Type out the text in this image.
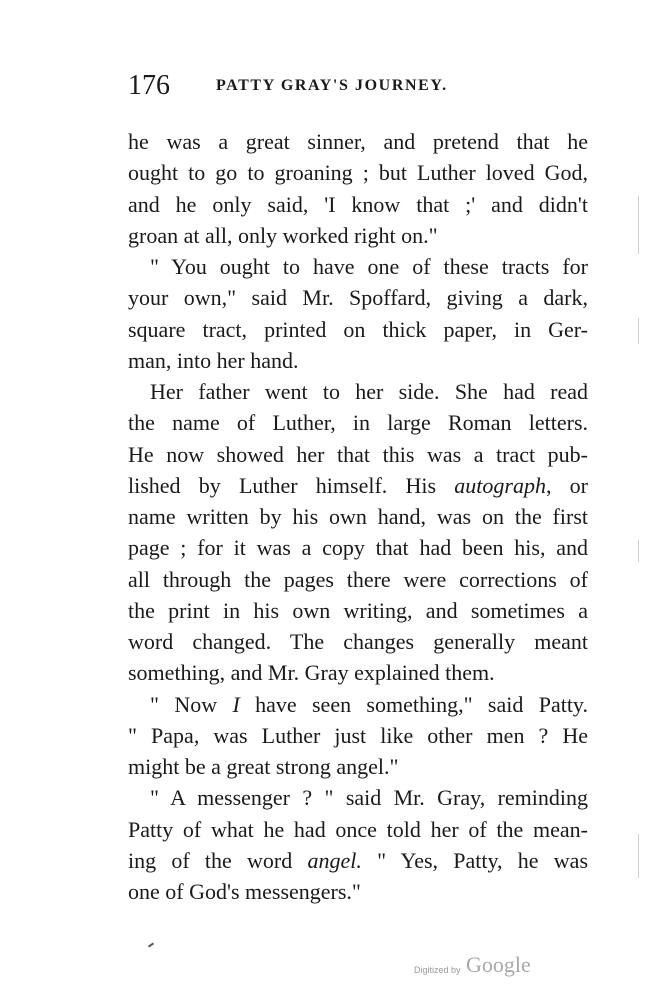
176	PATTY GRAY'S JOURNEY.
he was a great sinner, and pretend that he
ought to go to groaning ; but Luther loved God,
and he only said, 'I know that ;' and didn't
groan at all, only worked right on."
" You ought to have one of these tracts for
your own," said Mr. Spoffard, giving a dark,
square tract, printed on thick paper, in Ger-
man, into her hand.
Her father went to her side. She had read
the name of Luther, in large Roman letters.
He now showed her that this was a tract pub-
lished by Luther himself. His autograph, or
name written by his own hand, was on the first
page ; for it was a copy that had been his, and
all through the pages there were corrections of
the print in his own writing, and sometimes a
word changed. The changes generally meant
something, and Mr. Gray explained them.
" Now I have seen something," said Patty.
" Papa, was Luther just like other men ? He
might be a great strong angel."
" A messenger ? " said Mr. Gray, reminding
Patty of what he had once told her of the mean-
ing of the word angel. " Yes, Patty, he was
one of God's messengers."
Digitized by Google
